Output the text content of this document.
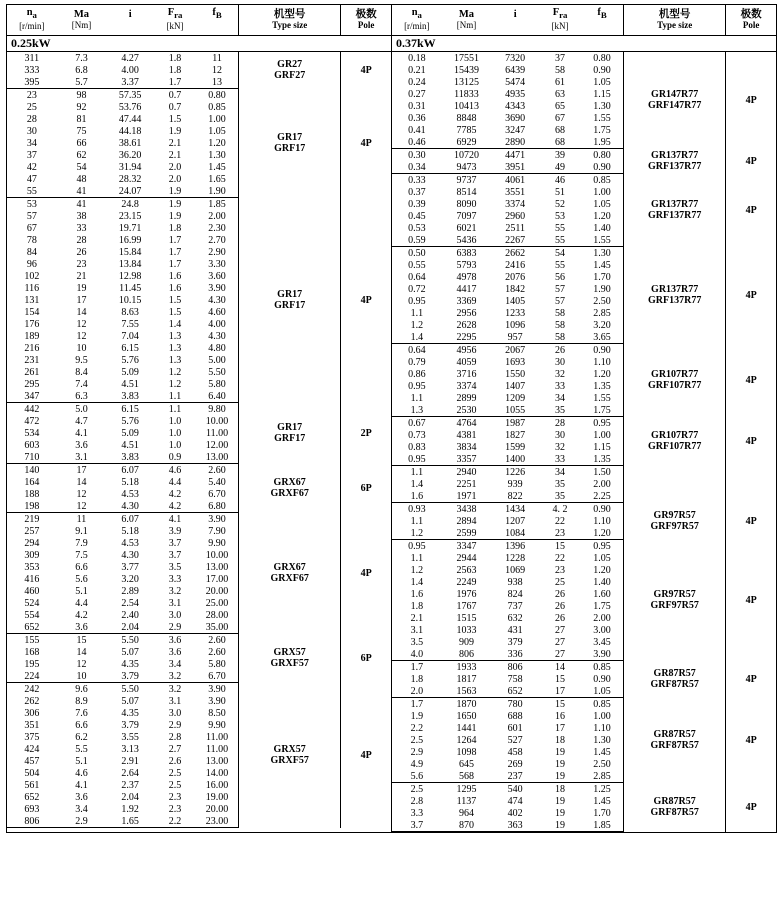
$n_a$
[r/min]
	Ma
[Nm]
	i	$F_{ra}$
[kN]
	$f_B$	机型号
Type size
	极数
Pole

0.25kW
311	7.3	4.27	1.8	11	
GR27
GRF27	4P
333	6.8	4.00	1.8	12
395	5.7	3.37	1.7	13
23	98	57.35	0.7	0.80	
GR17
GRF17	4P
25	92	53.76	0.7	0.85
28	81	47.44	1.5	1.00
30	75	44.18	1.9	1.05
34	66	38.61	2.1	1.20
37	62	36.20	2.1	1.30
42	54	31.94	2.0	1.45
47	48	28.32	2.0	1.65
55	41	24.07	1.9	1.90
53	41	24.8	1.9	1.85	
GR17
GRF17	4P
57	38	23.15	1.9	2.00
67	33	19.71	1.8	2.30
78	28	16.99	1.7	2.70
84	26	15.84	1.7	2.90
96	23	13.84	1.7	3.30
102	21	12.98	1.6	3.60
116	19	11.45	1.6	3.90
131	17	10.15	1.5	4.30
154	14	8.63	1.5	4.60
176	12	7.55	1.4	4.00
189	12	7.04	1.3	4.30
216	10	6.15	1.3	4.80
231	9.5	5.76	1.3	5.00
261	8.4	5.09	1.2	5.50
295	7.4	4.51	1.2	5.80
347	6.3	3.83	1.1	6.40
442	5.0	6.15	1.1	9.80	
GR17
GRF17	2P
472	4.7	5.76	1.0	10.00
534	4.1	5.09	1.0	11.00
603	3.6	4.51	1.0	12.00
710	3.1	3.83	0.9	13.00
140	17	6.07	4.6	2.60	
GRX67
GRXF67	6P
164	14	5.18	4.4	5.40
188	12	4.53	4.2	6.70
198	12	4.30	4.2	6.80
219	11	6.07	4.1	3.90	
GRX67
GRXF67	4P
257	9.1	5.18	3.9	7.90
294	7.9	4.53	3.7	9.90
309	7.5	4.30	3.7	10.00
353	6.6	3.77	3.5	13.00
416	5.6	3.20	3.3	17.00
460	5.1	2.89	3.2	20.00
524	4.4	2.54	3.1	25.00
554	4.2	2.40	3.0	28.00
652	3.6	2.04	2.9	35.00
155	15	5.50	3.6	2.60	
GRX57
GRXF57	6P
168	14	5.07	3.6	2.60
195	12	4.35	3.4	5.80
224	10	3.79	3.2	6.70
242	9.6	5.50	3.2	3.90	
GRX57
GRXF57	4P
262	8.9	5.07	3.1	3.90
306	7.6	4.35	3.0	8.50
351	6.6	3.79	2.9	9.90
375	6.2	3.55	2.8	11.00
424	5.5	3.13	2.7	11.00
457	5.1	2.91	2.6	13.00
504	4.6	2.64	2.5	14.00
561	4.1	2.37	2.5	16.00
652	3.6	2.04	2.3	19.00
693	3.4	1.92	2.3	20.00
806	2.9	1.65	2.2	23.00

$n_a$
[r/min]
	Ma
[Nm]
	i	$F_{ra}$
[kN]
	$f_B$	机型号
Type size
	极数
Pole

0.37kW
0.18	17551	7320	37	0.80	
GR147R77
GRF147R77	4P
0.21	15439	6439	58	0.90
0.24	13125	5474	61	1.05
0.27	11833	4935	63	1.15
0.31	10413	4343	65	1.30
0.36	8848	3690	67	1.55
0.41	7785	3247	68	1.75
0.46	6929	2890	68	1.95
0.30	10720	4471	39	0.80	GR137R77
GRF137R77	4P
0.34	9473	3951	49	0.90
0.33	9737	4061	46	0.85	
GR137R77
GRF137R77	4P
0.37	8514	3551	51	1.00
0.39	8090	3374	52	1.05
0.45	7097	2960	53	1.20
0.53	6021	2511	55	1.40
0.59	5436	2267	55	1.55
0.50	6383	2662	54	1.30	
GR137R77
GRF137R77	4P
0.55	5793	2416	55	1.45
0.64	4978	2076	56	1.70
0.72	4417	1842	57	1.90
0.95	3369	1405	57	2.50
1.1	2956	1233	58	2.85
1.2	2628	1096	58	3.20
1.4	2295	957	58	3.65
0.64	4956	2067	26	0.90	
GR107R77
GRF107R77	4P
0.79	4059	1693	30	1.10
0.86	3716	1550	32	1.20
0.95	3374	1407	33	1.35
1.1	2899	1209	34	1.55
1.3	2530	1055	35	1.75
0.67	4764	1987	28	0.95	
GR107R77
GRF107R77	4P
0.73	4381	1827	30	1.00
0.83	3834	1599	32	1.15
0.95	3357	1400	33	1.35
1.1	2940	1226	34	1.50	

1.4	2251	939	35	2.00
1.6	1971	822	35	2.25
0.93	3438	1434	4. 2	0.90	
GR97R57
GRF97R57	4P
1.1	2894	1207	22	1.10
1.2	2599	1084	23	1.20
0.95	3347	1396	15	0.95	
GR97R57
GRF97R57	4P
1.1	2944	1228	22	1.05
1.2	2563	1069	23	1.20
1.4	2249	938	25	1.40
1.6	1976	824	26	1.60
1.8	1767	737	26	1.75
2.1	1515	632	26	2.00
3.1	1033	431	27	3.00
3.5	909	379	27	3.45
4.0	806	336	27	3.90
1.7	1933	806	14	0.85	
GR87R57
GRF87R57	4P
1.8	1817	758	15	0.90
2.0	1563	652	17	1.05
1.7	1870	780	15	0.85	
GR87R57
GRF87R57	4P
1.9	1650	688	16	1.00
2.2	1441	601	17	1.10
2.5	1264	527	18	1.30
2.9	1098	458	19	1.45
4.9	645	269	19	2.50
5.6	568	237	19	2.85
2.5	1295	540	18	1.25	
GR87R57
GRF87R57	4P
2.8	1137	474	19	1.45
3.3	964	402	19	1.70
3.7	870	363	19	1.85
